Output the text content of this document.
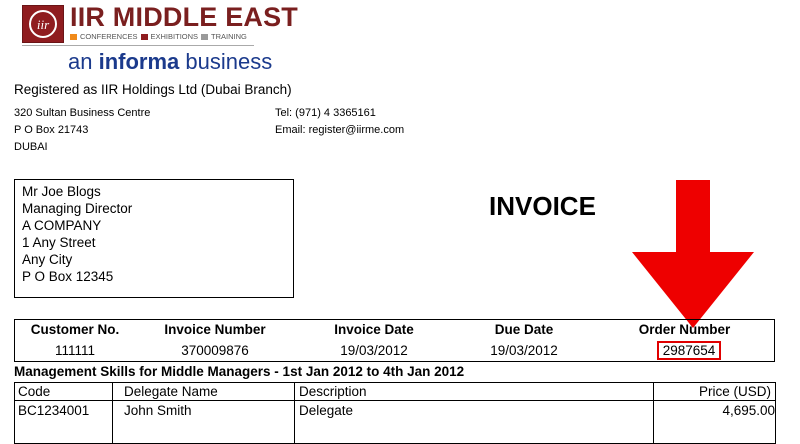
iir IIR MIDDLE EAST
CONFERENCES EXHIBITIONS TRAINING
an informa business
Registered as IIR Holdings Ltd (Dubai Branch)
320 Sultan Business Centre
P O Box 21743
DUBAI
Tel: (971) 4 3365161
Email: register@iirme.com
Mr Joe Blogs
Managing Director
A COMPANY
1 Any Street
Any City
P O Box 12345
INVOICE
Customer No.	Invoice Number	Invoice Date	Due Date	Order Number
111111	370009876	19/03/2012	19/03/2012	2987654
Management Skills for Middle Managers - 1st Jan 2012 to 4th Jan 2012
Code	Delegate Name	Description	Price (USD)
BC1234001	John Smith	Delegate	4,695.00
